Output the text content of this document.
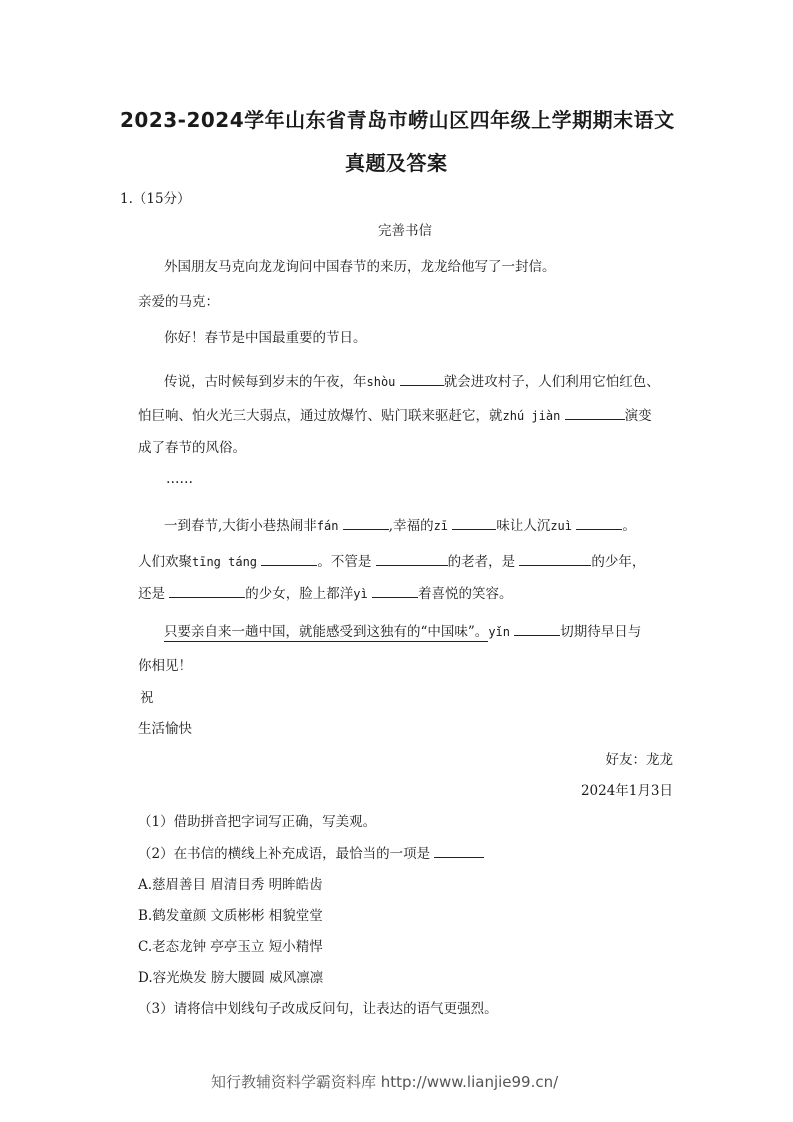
2023-2024学年山东省青岛市崂山区四年级上学期期末语文
真题及答案
1.（15分）
完善书信
外国朋友马克向龙龙询问中国春节的来历，龙龙给他写了一封信。
亲爱的马克：
你好！春节是中国最重要的节日。
传说，古时候每到岁末的午夜，年shòu	就会进攻村子，人们利用它怕红色、
怕巨响、怕火光三大弱点，通过放爆竹、贴门联来驱赶它，就zhú jiàn	演变
成了春节的风俗。
……
一到春节,大街小巷热闹非fán	,幸福的zī	味让人沉zuì	。
人们欢聚tīng táng	。不管是	的老者，是	的少年，
还是	的少女，脸上都洋yì	着喜悦的笑容。
只要亲自来一趟中国，就能感受到这独有的“中国味”。yǐn	切期待早日与
你相见！
祝
生活愉快
好友：龙龙
2024年1月3日
（1）借助拼音把字词写正确，写美观。
（2）在书信的横线上补充成语，最恰当的一项是
A.慈眉善目 眉清目秀 明眸皓齿
B.鹤发童颜 文质彬彬 相貌堂堂
C.老态龙钟 亭亭玉立 短小精悍
D.容光焕发 膀大腰圆 威风凛凛
（3）请将信中划线句子改成反问句，让表达的语气更强烈。
知行教辅资料学霸资料库 http://www.lianjie99.cn/
